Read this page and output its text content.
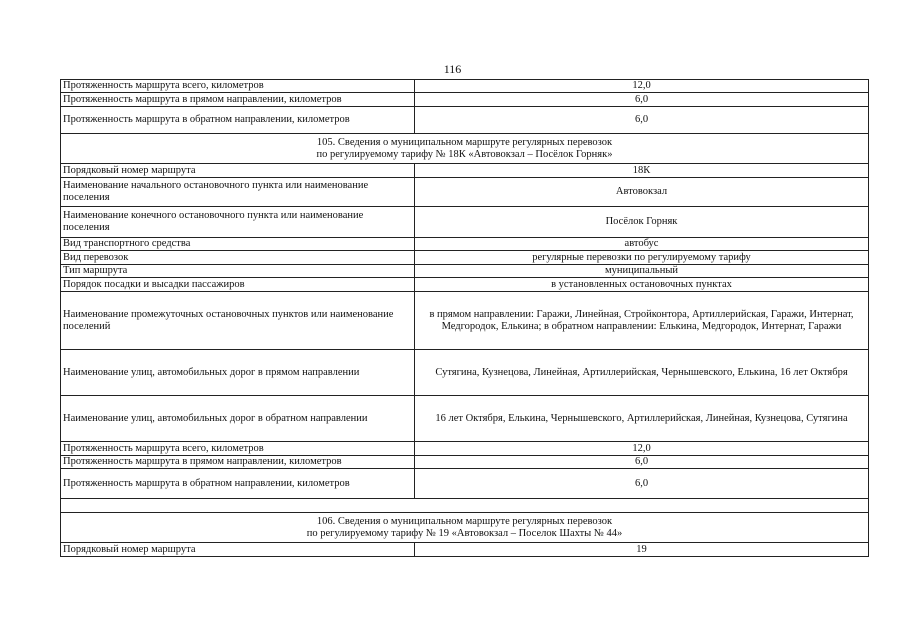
116
Протяженность маршрута всего, километров	12,0
Протяженность маршрута в прямом направлении, километров	6,0
Протяженность маршрута в обратном направлении, километров	6,0

105. Сведения о муниципальном маршруте регулярных перевозок
по регулируемому тарифу № 18К «Автовокзал – Посёлок Горняк»	

Порядковый номер маршрута	18К
Наименование начального остановочного пункта или наименование поселения	Автовокзал
Наименование конечного остановочного пункта или наименование поселения	Посёлок Горняк
Вид транспортного средства	автобус
Вид перевозок	регулярные перевозки по регулируемому тарифу
Тип маршрута	муниципальный
Порядок посадки и высадки пассажиров	в установленных остановочных пунктах
Наименование промежуточных остановочных пунктов или наименование поселений	в прямом направлении: Гаражи, Линейная, Стройконтора, Артиллерийская, Гаражи, Интернат, Медгородок, Елькина; в обратном направлении: Елькина, Медгородок, Интернат, Гаражи
Наименование улиц, автомобильных дорог в прямом направлении	Сутягина, Кузнецова, Линейная, Артиллерийская, Чернышевского, Елькина, 16 лет Октября
Наименование улиц, автомобильных дорог в обратном направлении	16 лет Октября, Елькина, Чернышевского, Артиллерийская, Линейная, Кузнецова, Сутягина
Протяженность маршрута всего, километров	12,0
Протяженность маршрута в прямом направлении, километров	6,0
Протяженность маршрута в обратном направлении, километров	6,0

106. Сведения о муниципальном маршруте регулярных перевозок
по регулируемому тарифу № 19 «Автовокзал – Поселок Шахты № 44»	

Порядковый номер маршрута	19
